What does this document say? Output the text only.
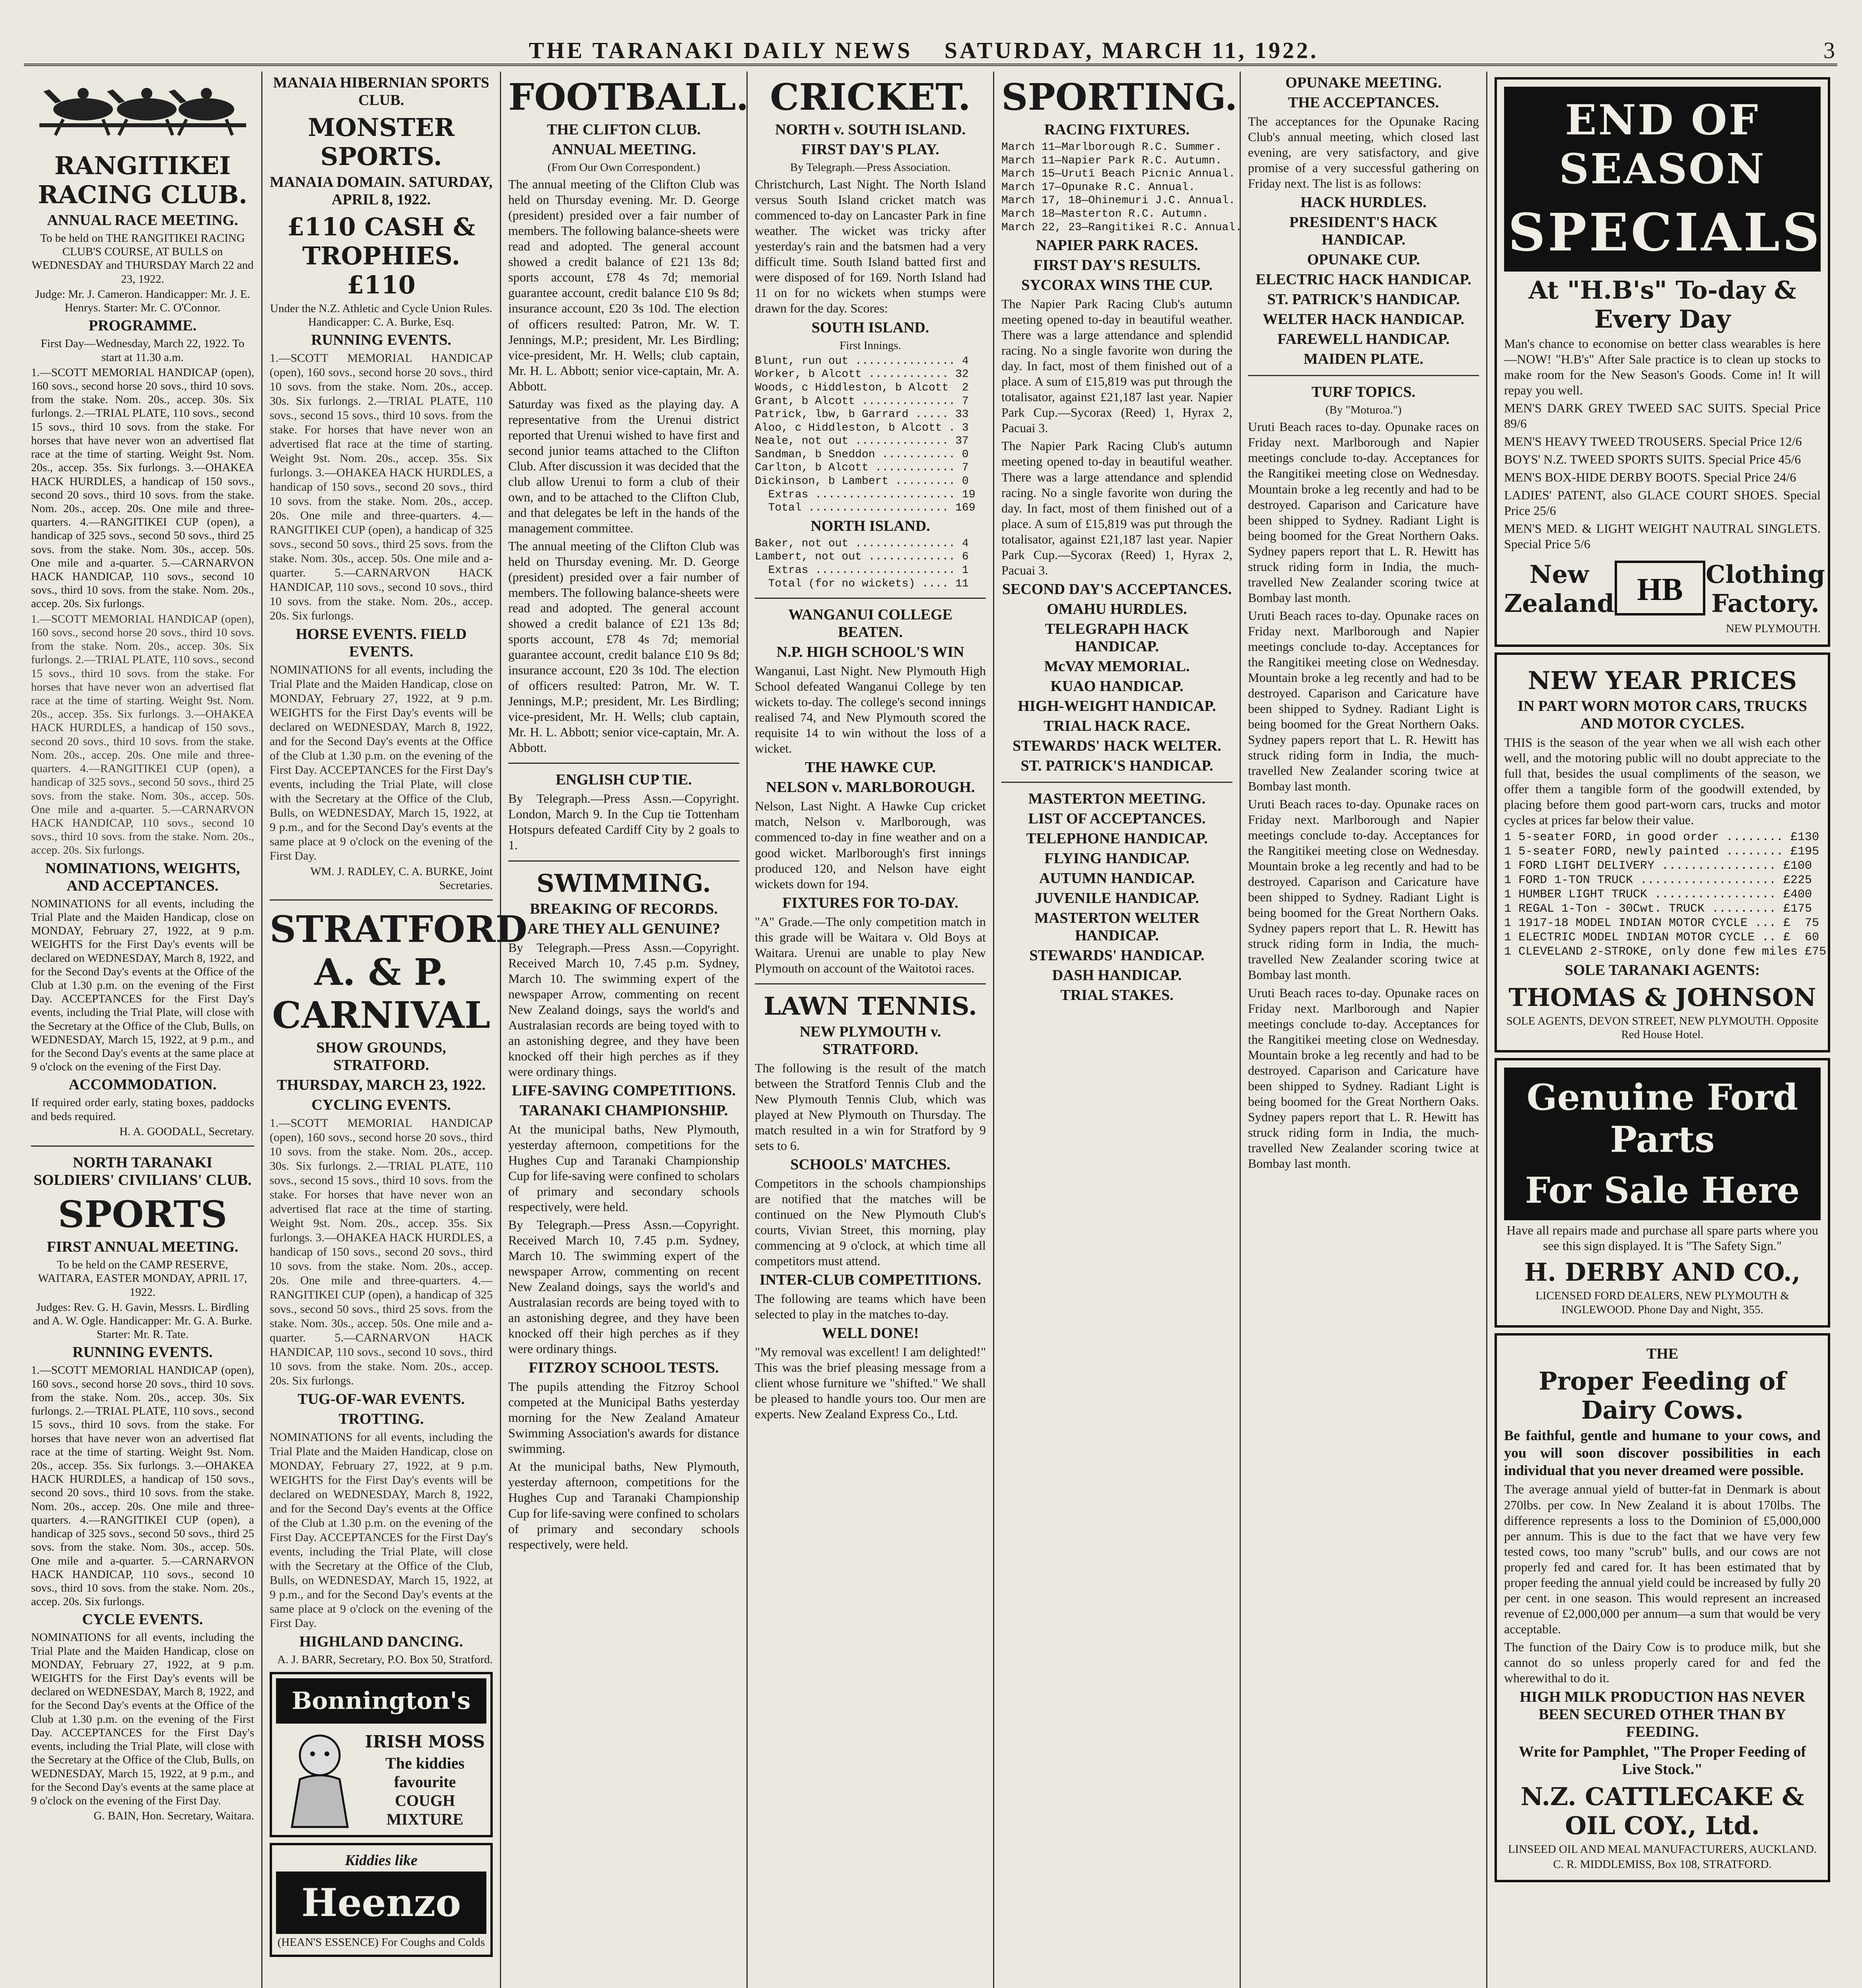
THE TARANAKI DAILY NEWS SATURDAY, MARCH 11, 1922.	3
RANGITIKEI RACING CLUB.
ANNUAL RACE MEETING.
To be held on THE RANGITIKEI RACING CLUB'S COURSE, AT BULLS on WEDNESDAY and THURSDAY March 22 and 23, 1922.
Judge: Mr. J. Cameron. Handicapper: Mr. J. E. Henrys. Starter: Mr. C. O'Connor.
PROGRAMME.
First Day—Wednesday, March 22, 1922. To start at 11.30 a.m.
1.—SCOTT MEMORIAL HANDICAP (open), 160 sovs., second horse 20 sovs., third 10 sovs. from the stake. Nom. 20s., accep. 30s. Six furlongs. 2.—TRIAL PLATE, 110 sovs., second 15 sovs., third 10 sovs. from the stake. For horses that have never won an advertised flat race at the time of starting. Weight 9st. Nom. 20s., accep. 35s. Six furlongs. 3.—OHAKEA HACK HURDLES, a handicap of 150 sovs., second 20 sovs., third 10 sovs. from the stake. Nom. 20s., accep. 20s. One mile and three-quarters. 4.—RANGITIKEI CUP (open), a handicap of 325 sovs., second 50 sovs., third 25 sovs. from the stake. Nom. 30s., accep. 50s. One mile and a-quarter. 5.—CARNARVON HACK HANDICAP, 110 sovs., second 10 sovs., third 10 sovs. from the stake. Nom. 20s., accep. 20s. Six furlongs.
1.—SCOTT MEMORIAL HANDICAP (open), 160 sovs., second horse 20 sovs., third 10 sovs. from the stake. Nom. 20s., accep. 30s. Six furlongs. 2.—TRIAL PLATE, 110 sovs., second 15 sovs., third 10 sovs. from the stake. For horses that have never won an advertised flat race at the time of starting. Weight 9st. Nom. 20s., accep. 35s. Six furlongs. 3.—OHAKEA HACK HURDLES, a handicap of 150 sovs., second 20 sovs., third 10 sovs. from the stake. Nom. 20s., accep. 20s. One mile and three-quarters. 4.—RANGITIKEI CUP (open), a handicap of 325 sovs., second 50 sovs., third 25 sovs. from the stake. Nom. 30s., accep. 50s. One mile and a-quarter. 5.—CARNARVON HACK HANDICAP, 110 sovs., second 10 sovs., third 10 sovs. from the stake. Nom. 20s., accep. 20s. Six furlongs.
NOMINATIONS, WEIGHTS, AND ACCEPTANCES.
NOMINATIONS for all events, including the Trial Plate and the Maiden Handicap, close on MONDAY, February 27, 1922, at 9 p.m. WEIGHTS for the First Day's events will be declared on WEDNESDAY, March 8, 1922, and for the Second Day's events at the Office of the Club at 1.30 p.m. on the evening of the First Day. ACCEPTANCES for the First Day's events, including the Trial Plate, will close with the Secretary at the Office of the Club, Bulls, on WEDNESDAY, March 15, 1922, at 9 p.m., and for the Second Day's events at the same place at 9 o'clock on the evening of the First Day.
ACCOMMODATION.
If required order early, stating boxes, paddocks and beds required.
H. A. GOODALL, Secretary.
NORTH TARANAKI SOLDIERS' CIVILIANS' CLUB.
SPORTS
FIRST ANNUAL MEETING.
To be held on the CAMP RESERVE, WAITARA, EASTER MONDAY, APRIL 17, 1922.
Judges: Rev. G. H. Gavin, Messrs. L. Birdling and A. W. Ogle. Handicapper: Mr. G. A. Burke. Starter: Mr. R. Tate.
RUNNING EVENTS.
1.—SCOTT MEMORIAL HANDICAP (open), 160 sovs., second horse 20 sovs., third 10 sovs. from the stake. Nom. 20s., accep. 30s. Six furlongs. 2.—TRIAL PLATE, 110 sovs., second 15 sovs., third 10 sovs. from the stake. For horses that have never won an advertised flat race at the time of starting. Weight 9st. Nom. 20s., accep. 35s. Six furlongs. 3.—OHAKEA HACK HURDLES, a handicap of 150 sovs., second 20 sovs., third 10 sovs. from the stake. Nom. 20s., accep. 20s. One mile and three-quarters. 4.—RANGITIKEI CUP (open), a handicap of 325 sovs., second 50 sovs., third 25 sovs. from the stake. Nom. 30s., accep. 50s. One mile and a-quarter. 5.—CARNARVON HACK HANDICAP, 110 sovs., second 10 sovs., third 10 sovs. from the stake. Nom. 20s., accep. 20s. Six furlongs.
CYCLE EVENTS.
NOMINATIONS for all events, including the Trial Plate and the Maiden Handicap, close on MONDAY, February 27, 1922, at 9 p.m. WEIGHTS for the First Day's events will be declared on WEDNESDAY, March 8, 1922, and for the Second Day's events at the Office of the Club at 1.30 p.m. on the evening of the First Day. ACCEPTANCES for the First Day's events, including the Trial Plate, will close with the Secretary at the Office of the Club, Bulls, on WEDNESDAY, March 15, 1922, at 9 p.m., and for the Second Day's events at the same place at 9 o'clock on the evening of the First Day.
G. BAIN, Hon. Secretary, Waitara.
MANAIA HIBERNIAN SPORTS CLUB.
MONSTER SPORTS.
MANAIA DOMAIN. SATURDAY, APRIL 8, 1922.
£110 CASH & TROPHIES. £110
Under the N.Z. Athletic and Cycle Union Rules. Handicapper: C. A. Burke, Esq.
RUNNING EVENTS.
1.—SCOTT MEMORIAL HANDICAP (open), 160 sovs., second horse 20 sovs., third 10 sovs. from the stake. Nom. 20s., accep. 30s. Six furlongs. 2.—TRIAL PLATE, 110 sovs., second 15 sovs., third 10 sovs. from the stake. For horses that have never won an advertised flat race at the time of starting. Weight 9st. Nom. 20s., accep. 35s. Six furlongs. 3.—OHAKEA HACK HURDLES, a handicap of 150 sovs., second 20 sovs., third 10 sovs. from the stake. Nom. 20s., accep. 20s. One mile and three-quarters. 4.—RANGITIKEI CUP (open), a handicap of 325 sovs., second 50 sovs., third 25 sovs. from the stake. Nom. 30s., accep. 50s. One mile and a-quarter. 5.—CARNARVON HACK HANDICAP, 110 sovs., second 10 sovs., third 10 sovs. from the stake. Nom. 20s., accep. 20s. Six furlongs.
HORSE EVENTS. FIELD EVENTS.
NOMINATIONS for all events, including the Trial Plate and the Maiden Handicap, close on MONDAY, February 27, 1922, at 9 p.m. WEIGHTS for the First Day's events will be declared on WEDNESDAY, March 8, 1922, and for the Second Day's events at the Office of the Club at 1.30 p.m. on the evening of the First Day. ACCEPTANCES for the First Day's events, including the Trial Plate, will close with the Secretary at the Office of the Club, Bulls, on WEDNESDAY, March 15, 1922, at 9 p.m., and for the Second Day's events at the same place at 9 o'clock on the evening of the First Day.
WM. J. RADLEY, C. A. BURKE, Joint Secretaries.
STRATFORD A. & P. CARNIVAL
SHOW GROUNDS, STRATFORD.
THURSDAY, MARCH 23, 1922.
CYCLING EVENTS.
1.—SCOTT MEMORIAL HANDICAP (open), 160 sovs., second horse 20 sovs., third 10 sovs. from the stake. Nom. 20s., accep. 30s. Six furlongs. 2.—TRIAL PLATE, 110 sovs., second 15 sovs., third 10 sovs. from the stake. For horses that have never won an advertised flat race at the time of starting. Weight 9st. Nom. 20s., accep. 35s. Six furlongs. 3.—OHAKEA HACK HURDLES, a handicap of 150 sovs., second 20 sovs., third 10 sovs. from the stake. Nom. 20s., accep. 20s. One mile and three-quarters. 4.—RANGITIKEI CUP (open), a handicap of 325 sovs., second 50 sovs., third 25 sovs. from the stake. Nom. 30s., accep. 50s. One mile and a-quarter. 5.—CARNARVON HACK HANDICAP, 110 sovs., second 10 sovs., third 10 sovs. from the stake. Nom. 20s., accep. 20s. Six furlongs.
TUG-OF-WAR EVENTS.
TROTTING.
NOMINATIONS for all events, including the Trial Plate and the Maiden Handicap, close on MONDAY, February 27, 1922, at 9 p.m. WEIGHTS for the First Day's events will be declared on WEDNESDAY, March 8, 1922, and for the Second Day's events at the Office of the Club at 1.30 p.m. on the evening of the First Day. ACCEPTANCES for the First Day's events, including the Trial Plate, will close with the Secretary at the Office of the Club, Bulls, on WEDNESDAY, March 15, 1922, at 9 p.m., and for the Second Day's events at the same place at 9 o'clock on the evening of the First Day.
HIGHLAND DANCING.
A. J. BARR, Secretary, P.O. Box 50, Stratford.
Bonnington's
IRISH MOSS
The kiddies favourite COUGH MIXTURE
Kiddies like
Heenzo
(HEAN'S ESSENCE) For Coughs and Colds
FOOTBALL.
THE CLIFTON CLUB.
ANNUAL MEETING.
(From Our Own Correspondent.)
The annual meeting of the Clifton Club was held on Thursday evening. Mr. D. George (president) presided over a fair number of members. The following balance-sheets were read and adopted. The general account showed a credit balance of £21 13s 8d; sports account, £78 4s 7d; memorial guarantee account, credit balance £10 9s 8d; insurance account, £20 3s 10d. The election of officers resulted: Patron, Mr. W. T. Jennings, M.P.; president, Mr. Les Birdling; vice-president, Mr. H. Wells; club captain, Mr. H. L. Abbott; senior vice-captain, Mr. A. Abbott.
Saturday was fixed as the playing day. A representative from the Urenui district reported that Urenui wished to have first and second junior teams attached to the Clifton Club. After discussion it was decided that the club allow Urenui to form a club of their own, and to be attached to the Clifton Club, and that delegates be left in the hands of the management committee.
The annual meeting of the Clifton Club was held on Thursday evening. Mr. D. George (president) presided over a fair number of members. The following balance-sheets were read and adopted. The general account showed a credit balance of £21 13s 8d; sports account, £78 4s 7d; memorial guarantee account, credit balance £10 9s 8d; insurance account, £20 3s 10d. The election of officers resulted: Patron, Mr. W. T. Jennings, M.P.; president, Mr. Les Birdling; vice-president, Mr. H. Wells; club captain, Mr. H. L. Abbott; senior vice-captain, Mr. A. Abbott.
ENGLISH CUP TIE.
By Telegraph.—Press Assn.—Copyright. London, March 9. In the Cup tie Tottenham Hotspurs defeated Cardiff City by 2 goals to 1.
SWIMMING.
BREAKING OF RECORDS.
ARE THEY ALL GENUINE?
By Telegraph.—Press Assn.—Copyright. Received March 10, 7.45 p.m. Sydney, March 10. The swimming expert of the newspaper Arrow, commenting on recent New Zealand doings, says the world's and Australasian records are being toyed with to an astonishing degree, and they have been knocked off their high perches as if they were ordinary things.
LIFE-SAVING COMPETITIONS.
TARANAKI CHAMPIONSHIP.
At the municipal baths, New Plymouth, yesterday afternoon, competitions for the Hughes Cup and Taranaki Championship Cup for life-saving were confined to scholars of primary and secondary schools respectively, were held.
By Telegraph.—Press Assn.—Copyright. Received March 10, 7.45 p.m. Sydney, March 10. The swimming expert of the newspaper Arrow, commenting on recent New Zealand doings, says the world's and Australasian records are being toyed with to an astonishing degree, and they have been knocked off their high perches as if they were ordinary things.
FITZROY SCHOOL TESTS.
The pupils attending the Fitzroy School competed at the Municipal Baths yesterday morning for the New Zealand Amateur Swimming Association's awards for distance swimming.
At the municipal baths, New Plymouth, yesterday afternoon, competitions for the Hughes Cup and Taranaki Championship Cup for life-saving were confined to scholars of primary and secondary schools respectively, were held.
CRICKET.
NORTH v. SOUTH ISLAND.
FIRST DAY'S PLAY.
By Telegraph.—Press Association.
Christchurch, Last Night. The North Island versus South Island cricket match was commenced to-day on Lancaster Park in fine weather. The wicket was tricky after yesterday's rain and the batsmen had a very difficult time. South Island batted first and were disposed of for 169. North Island had 11 on for no wickets when stumps were drawn for the day. Scores:
SOUTH ISLAND.
First Innings.
Blunt, run out ............... 4
Worker, b Alcott ............ 32
Woods, c Hiddleston, b Alcott  2
Grant, b Alcott .............. 7
Patrick, lbw, b Garrard ..... 33
Aloo, c Hiddleston, b Alcott . 3
Neale, not out .............. 37
Sandman, b Sneddon ........... 0
Carlton, b Alcott ............ 7
Dickinson, b Lambert ......... 0
Extras ..................... 19
Total ..................... 169
NORTH ISLAND.
Baker, not out ............... 4
Lambert, not out ............. 6
Extras ..................... 1
Total (for no wickets) .... 11
WANGANUI COLLEGE BEATEN.
N.P. HIGH SCHOOL'S WIN
Wanganui, Last Night. New Plymouth High School defeated Wanganui College by ten wickets to-day. The college's second innings realised 74, and New Plymouth scored the requisite 14 to win without the loss of a wicket.
THE HAWKE CUP.
NELSON v. MARLBOROUGH.
Nelson, Last Night. A Hawke Cup cricket match, Nelson v. Marlborough, was commenced to-day in fine weather and on a good wicket. Marlborough's first innings produced 120, and Nelson have eight wickets down for 194.
FIXTURES FOR TO-DAY.
"A" Grade.—The only competition match in this grade will be Waitara v. Old Boys at Waitara. Urenui are unable to play New Plymouth on account of the Waitotoi races.
LAWN TENNIS.
NEW PLYMOUTH v. STRATFORD.
The following is the result of the match between the Stratford Tennis Club and the New Plymouth Tennis Club, which was played at New Plymouth on Thursday. The match resulted in a win for Stratford by 9 sets to 6.
SCHOOLS' MATCHES.
Competitors in the schools championships are notified that the matches will be continued on the New Plymouth Club's courts, Vivian Street, this morning, play commencing at 9 o'clock, at which time all competitors must attend.
INTER-CLUB COMPETITIONS.
The following are teams which have been selected to play in the matches to-day.
WELL DONE!
"My removal was excellent! I am delighted!" This was the brief pleasing message from a client whose furniture we "shifted." We shall be pleased to handle yours too. Our men are experts. New Zealand Express Co., Ltd.
SPORTING.
RACING FIXTURES.
March 11—Marlborough R.C. Summer.
March 11—Napier Park R.C. Autumn.
March 15—Urutī Beach Picnic Annual.
March 17—Opunake R.C. Annual.
March 17, 18—Ohinemuri J.C. Annual.
March 18—Masterton R.C. Autumn.
March 22, 23—Rangitikei R.C. Annual.
NAPIER PARK RACES.
FIRST DAY'S RESULTS.
SYCORAX WINS THE CUP.
The Napier Park Racing Club's autumn meeting opened to-day in beautiful weather. There was a large attendance and splendid racing. No a single favorite won during the day. In fact, most of them finished out of a place. A sum of £15,819 was put through the totalisator, against £21,187 last year. Napier Park Cup.—Sycorax (Reed) 1, Hyrax 2, Pacuai 3.
The Napier Park Racing Club's autumn meeting opened to-day in beautiful weather. There was a large attendance and splendid racing. No a single favorite won during the day. In fact, most of them finished out of a place. A sum of £15,819 was put through the totalisator, against £21,187 last year. Napier Park Cup.—Sycorax (Reed) 1, Hyrax 2, Pacuai 3.
SECOND DAY'S ACCEPTANCES.
OMAHU HURDLES.
TELEGRAPH HACK HANDICAP.
McVAY MEMORIAL.
KUAO HANDICAP.
HIGH-WEIGHT HANDICAP.
TRIAL HACK RACE.
STEWARDS' HACK WELTER.
ST. PATRICK'S HANDICAP.
MASTERTON MEETING.
LIST OF ACCEPTANCES.
TELEPHONE HANDICAP.
FLYING HANDICAP.
AUTUMN HANDICAP.
JUVENILE HANDICAP.
MASTERTON WELTER HANDICAP.
STEWARDS' HANDICAP.
DASH HANDICAP.
TRIAL STAKES.
OPUNAKE MEETING.
THE ACCEPTANCES.
The acceptances for the Opunake Racing Club's annual meeting, which closed last evening, are very satisfactory, and give promise of a very successful gathering on Friday next. The list is as follows:
HACK HURDLES.
PRESIDENT'S HACK HANDICAP.
OPUNAKE CUP.
ELECTRIC HACK HANDICAP.
ST. PATRICK'S HANDICAP.
WELTER HACK HANDICAP.
FAREWELL HANDICAP.
MAIDEN PLATE.
TURF TOPICS.
(By "Moturoa.")
Uruti Beach races to-day. Opunake races on Friday next. Marlborough and Napier meetings conclude to-day. Acceptances for the Rangitikei meeting close on Wednesday. Mountain broke a leg recently and had to be destroyed. Caparison and Caricature have been shipped to Sydney. Radiant Light is being boomed for the Great Northern Oaks. Sydney papers report that L. R. Hewitt has struck riding form in India, the much-travelled New Zealander scoring twice at Bombay last month.
Uruti Beach races to-day. Opunake races on Friday next. Marlborough and Napier meetings conclude to-day. Acceptances for the Rangitikei meeting close on Wednesday. Mountain broke a leg recently and had to be destroyed. Caparison and Caricature have been shipped to Sydney. Radiant Light is being boomed for the Great Northern Oaks. Sydney papers report that L. R. Hewitt has struck riding form in India, the much-travelled New Zealander scoring twice at Bombay last month.
Uruti Beach races to-day. Opunake races on Friday next. Marlborough and Napier meetings conclude to-day. Acceptances for the Rangitikei meeting close on Wednesday. Mountain broke a leg recently and had to be destroyed. Caparison and Caricature have been shipped to Sydney. Radiant Light is being boomed for the Great Northern Oaks. Sydney papers report that L. R. Hewitt has struck riding form in India, the much-travelled New Zealander scoring twice at Bombay last month.
Uruti Beach races to-day. Opunake races on Friday next. Marlborough and Napier meetings conclude to-day. Acceptances for the Rangitikei meeting close on Wednesday. Mountain broke a leg recently and had to be destroyed. Caparison and Caricature have been shipped to Sydney. Radiant Light is being boomed for the Great Northern Oaks. Sydney papers report that L. R. Hewitt has struck riding form in India, the much-travelled New Zealander scoring twice at Bombay last month.
END OF SEASON
SPECIALS
At "H.B's" To-day & Every Day
Man's chance to economise on better class wearables is here—NOW! "H.B's" After Sale practice is to clean up stocks to make room for the New Season's Goods. Come in! It will repay you well.
MEN'S DARK GREY TWEED SAC SUITS. Special Price 89/6
MEN'S HEAVY TWEED TROUSERS. Special Price 12/6
BOYS' N.Z. TWEED SPORTS SUITS. Special Price 45/6
MEN'S BOX-HIDE DERBY BOOTS. Special Price 24/6
LADIES' PATENT, also GLACE COURT SHOES. Special Price 25/6
MEN'S MED. & LIGHT WEIGHT NAUTRAL SINGLETS. Special Price 5/6
New Zealand HB Clothing Factory.
NEW PLYMOUTH.
NEW YEAR PRICES
IN PART WORN MOTOR CARS, TRUCKS AND MOTOR CYCLES.
THIS is the season of the year when we all wish each other well, and the motoring public will no doubt appreciate to the full that, besides the usual compliments of the season, we offer them a tangible form of the goodwill extended, by placing before them good part-worn cars, trucks and motor cycles at prices far below their value.
1 5-seater FORD, in good order ........ £130
1 5-seater FORD, newly painted ........ £195
1 FORD LIGHT DELIVERY ................ £100
1 FORD 1-TON TRUCK ................... £225
1 HUMBER LIGHT TRUCK ................. £400
1 REGAL 1-Ton - 30Cwt. TRUCK ......... £175
1 1917-18 MODEL INDIAN MOTOR CYCLE ... £  75
1 ELECTRIC MODEL INDIAN MOTOR CYCLE .. £  60
1 CLEVELAND 2-STROKE, only done few miles £75
SOLE TARANAKI AGENTS:
THOMAS & JOHNSON
SOLE AGENTS, DEVON STREET, NEW PLYMOUTH. Opposite Red House Hotel.
Genuine Ford Parts
For Sale Here
Have all repairs made and purchase all spare parts where you see this sign displayed. It is "The Safety Sign."
H. DERBY AND CO.,
LICENSED FORD DEALERS, NEW PLYMOUTH & INGLEWOOD. Phone Day and Night, 355.
THE
Proper Feeding of Dairy Cows.
Be faithful, gentle and humane to your cows, and you will soon discover possibilities in each individual that you never dreamed were possible.
The average annual yield of butter-fat in Denmark is about 270lbs. per cow. In New Zealand it is about 170lbs. The difference represents a loss to the Dominion of £5,000,000 per annum. This is due to the fact that we have very few tested cows, too many "scrub" bulls, and our cows are not properly fed and cared for. It has been estimated that by proper feeding the annual yield could be increased by fully 20 per cent. in one season. This would represent an increased revenue of £2,000,000 per annum—a sum that would be very acceptable.
The function of the Dairy Cow is to produce milk, but she cannot do so unless properly cared for and fed the wherewithal to do it.
HIGH MILK PRODUCTION HAS NEVER BEEN SECURED OTHER THAN BY FEEDING.
Write for Pamphlet, "The Proper Feeding of Live Stock."
N.Z. CATTLECAKE & OIL COY., Ltd.
LINSEED OIL AND MEAL MANUFACTURERS, AUCKLAND.
C. R. MIDDLEMISS, Box 108, STRATFORD.
